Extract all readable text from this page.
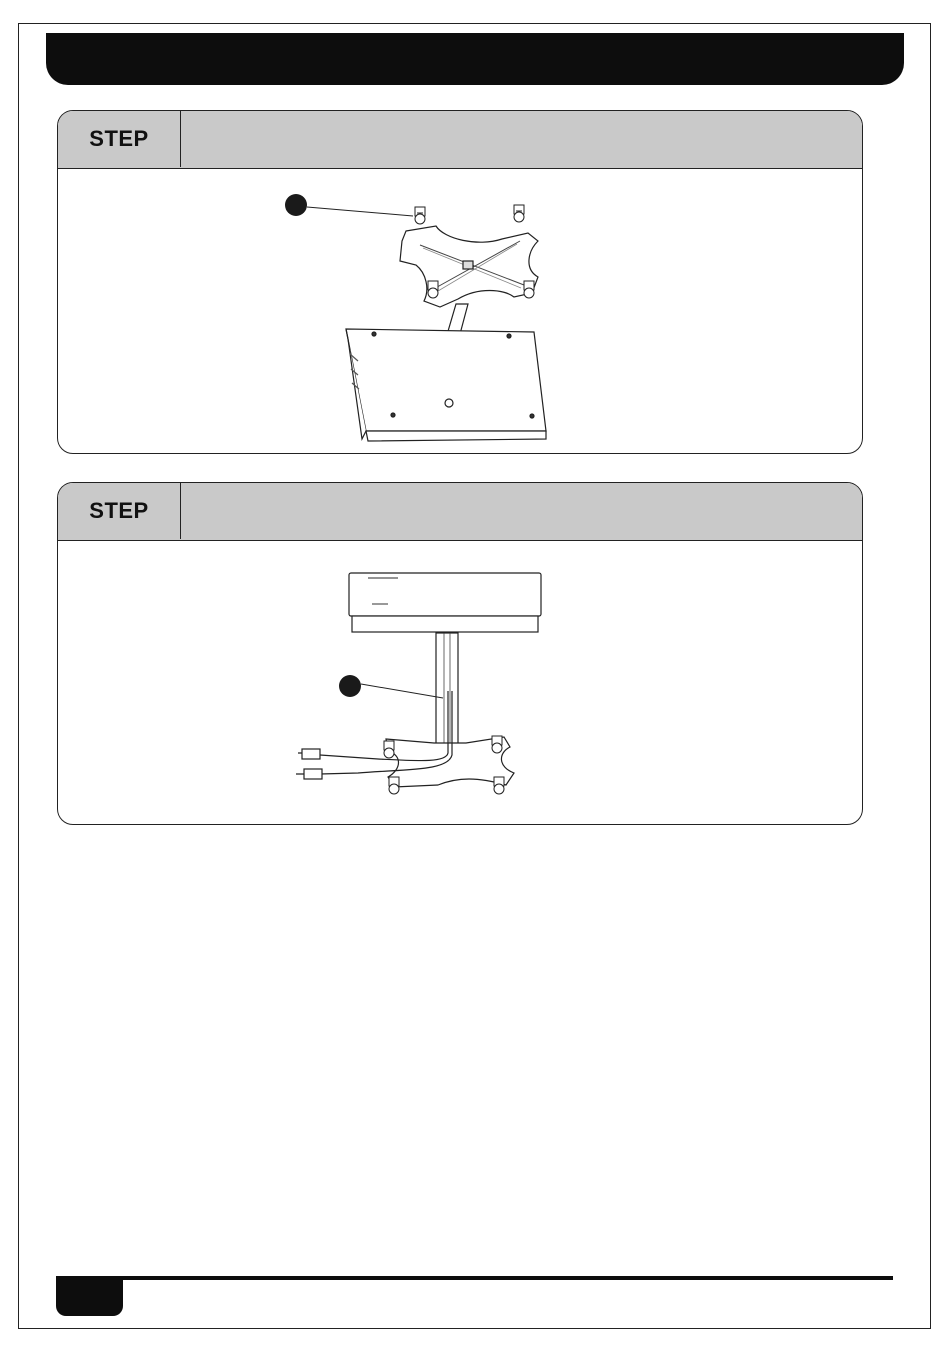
STEP
STEP
